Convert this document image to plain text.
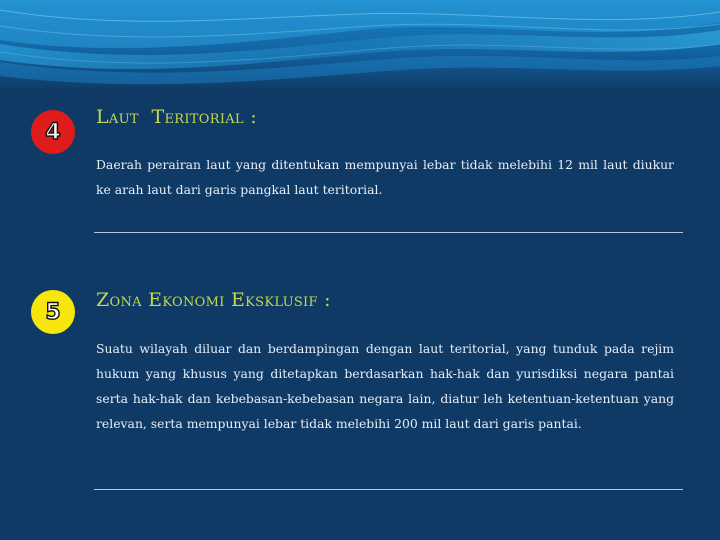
4
Laut  Teritorial :
Daerah perairan laut yang ditentukan mempunyai lebar tidak melebihi 12 mil laut diukur ke arah laut dari garis pangkal laut teritorial.
5	Zona Ekonomi Eksklusif :
Suatu wilayah diluar dan berdampingan dengan laut teritorial, yang tunduk pada rejim hukum yang khusus yang ditetapkan berdasarkan hak-hak dan yurisdiksi negara pantai serta hak-hak dan kebebasan-kebebasan negara lain, diatur leh ketentuan-ketentuan yang relevan, serta mempunyai lebar tidak melebihi 200 mil laut dari garis pantai.
